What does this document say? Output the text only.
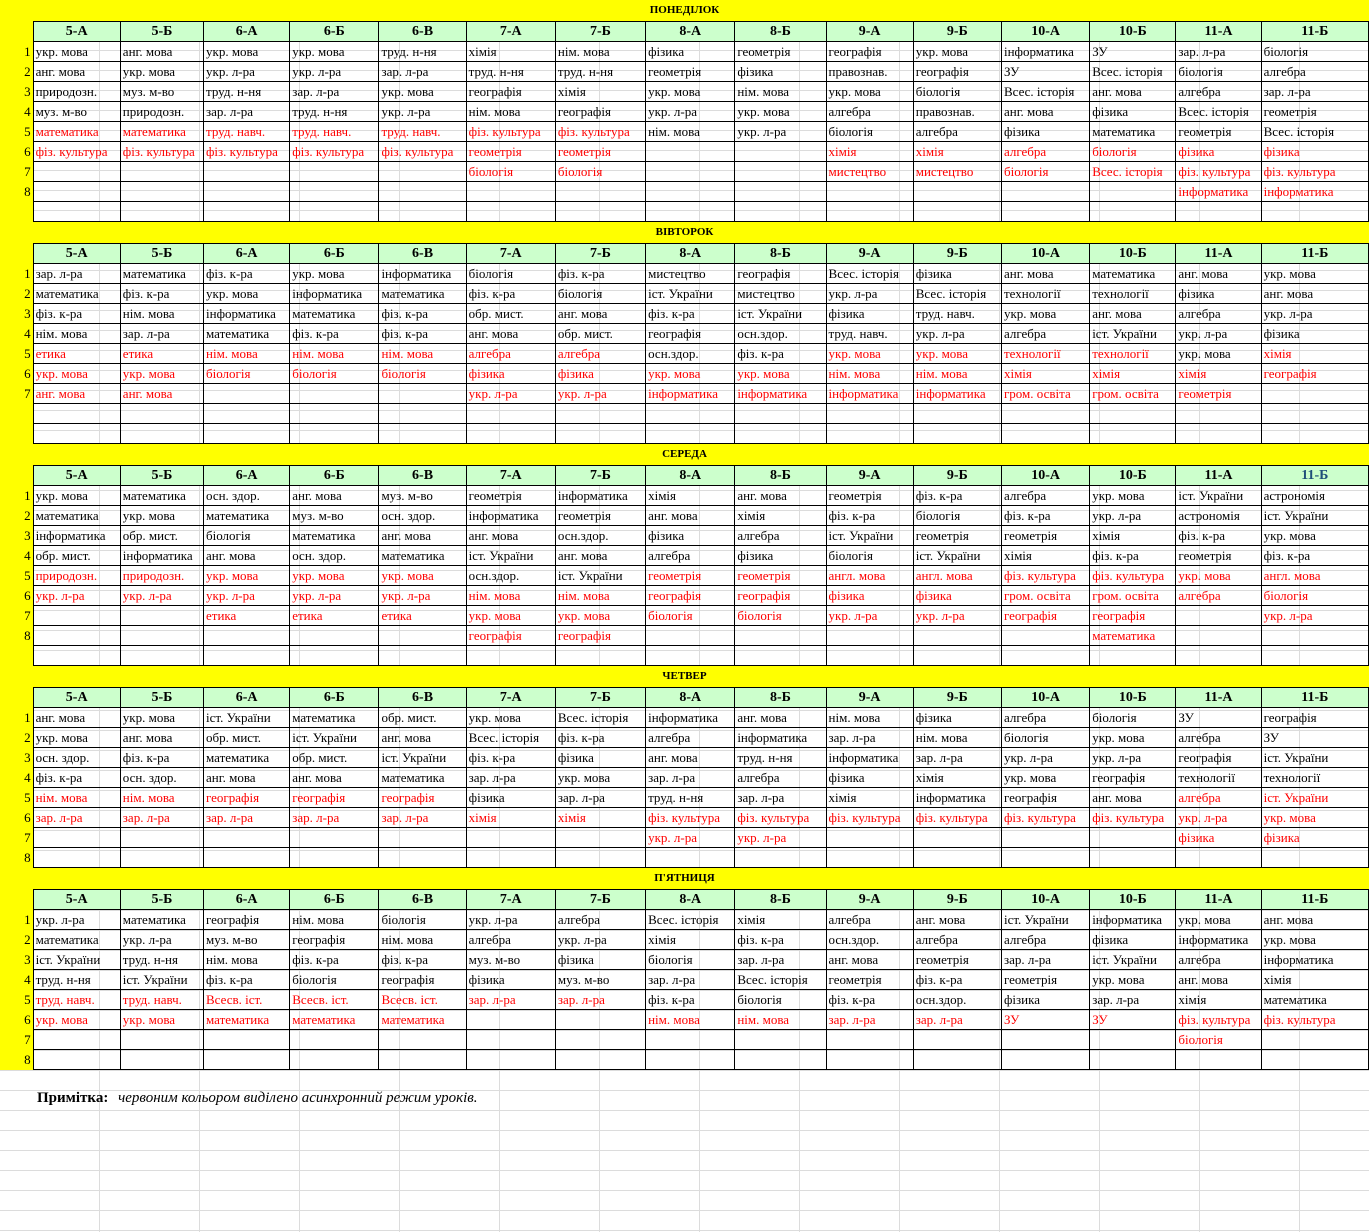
ПОНЕДІЛОК
	5-А	5-Б	6-А	6-Б	6-В	7-А	7-Б	8-А	8-Б	9-А	9-Б	10-А	10-Б	11-А	11-Б
1	укр. мова	анг. мова	укр. мова	укр. мова	труд. н-ня	хімія	нім. мова	фізика	геометрія	географія	укр. мова	інформатика	ЗУ	зар. л-ра	біологія
2	анг. мова	укр. мова	укр. л-ра	укр. л-ра	зар. л-ра	труд. н-ня	труд. н-ня	геометрія	фізика	правознав.	географія	ЗУ	Всес. історія	біологія	алгебра
3	природозн.	муз. м-во	труд. н-ня	зар. л-ра	укр. мова	географія	хімія	укр. мова	нім. мова	укр. мова	біологія	Всес. історія	анг. мова	алгебра	зар. л-ра
4	муз. м-во	природозн.	зар. л-ра	труд. н-ня	укр. л-ра	нім. мова	географія	укр. л-ра	укр. мова	алгебра	правознав.	анг. мова	фізика	Всес. історія	геометрія
5	математика	математика	труд. навч.	труд. навч.	труд. навч.	фіз. культура	фіз. культура	нім. мова	укр. л-ра	біологія	алгебра	фізика	математика	геометрія	Всес. історія
6	фіз. культура	фіз. культура	фіз. культура	фіз. культура	фіз. культура	геометрія	геометрія			хімія	хімія	алгебра	біологія	фізика	фізика
7						біологія	біологія			мистецтво	мистецтво	біологія	Всес. історія	фіз. культура	фіз. культура
8														інформатика	інформатика

ВІВТОРОК
	5-А	5-Б	6-А	6-Б	6-В	7-А	7-Б	8-А	8-Б	9-А	9-Б	10-А	10-Б	11-А	11-Б
1	зар. л-ра	математика	фіз. к-ра	укр. мова	інформатика	біологія	фіз. к-ра	мистецтво	географія	Всес. історія	фізика	анг. мова	математика	анг. мова	укр. мова
2	математика	фіз. к-ра	укр. мова	інформатика	математика	фіз. к-ра	біологія	іст. України	мистецтво	укр. л-ра	Всес. історія	технології	технології	фізика	анг. мова
3	фіз. к-ра	нім. мова	інформатика	математика	фіз. к-ра	обр. мист.	анг. мова	фіз. к-ра	іст. України	фізика	труд. навч.	укр. мова	анг. мова	алгебра	укр. л-ра
4	нім. мова	зар. л-ра	математика	фіз. к-ра	фіз. к-ра	анг. мова	обр. мист.	географія	осн.здор.	труд. навч.	укр. л-ра	алгебра	іст. України	укр. л-ра	фізика
5	етика	етика	нім. мова	нім. мова	нім. мова	алгебра	алгебра	осн.здор.	фіз. к-ра	укр. мова	укр. мова	технології	технології	укр. мова	хімія
6	укр. мова	укр. мова	біологія	біологія	біологія	фізика	фізика	укр. мова	укр. мова	нім. мова	нім. мова	хімія	хімія	хімія	географія
7	анг. мова	анг. мова				укр. л-ра	укр. л-ра	інформатика	інформатика	інформатика	інформатика	гром. освіта	гром. освіта	геометрія	

СЕРЕДА
	5-А	5-Б	6-А	6-Б	6-В	7-А	7-Б	8-А	8-Б	9-А	9-Б	10-А	10-Б	11-А	11-Б
1	укр. мова	математика	осн. здор.	анг. мова	муз. м-во	геометрія	інформатика	хімія	анг. мова	геометрія	фіз. к-ра	алгебра	укр. мова	іст. України	астрономія
2	математика	укр. мова	математика	муз. м-во	осн. здор.	інформатика	геометрія	анг. мова	хімія	фіз. к-ра	біологія	фіз. к-ра	укр. л-ра	астрономія	іст. України
3	інформатика	обр. мист.	біологія	математика	анг. мова	анг. мова	осн.здор.	фізика	алгебра	іст. України	геометрія	геометрія	хімія	фіз. к-ра	укр. мова
4	обр. мист.	інформатика	анг. мова	осн. здор.	математика	іст. України	анг. мова	алгебра	фізика	біологія	іст. України	хімія	фіз. к-ра	геометрія	фіз. к-ра
5	природозн.	природозн.	укр. мова	укр. мова	укр. мова	осн.здор.	іст. України	геометрія	геометрія	англ. мова	англ. мова	фіз. культура	фіз. культура	укр. мова	англ. мова
6	укр. л-ра	укр. л-ра	укр. л-ра	укр. л-ра	укр. л-ра	нім. мова	нім. мова	географія	географія	фізика	фізика	гром. освіта	гром. освіта	алгебра	біологія
7			етика	етика	етика	укр. мова	укр. мова	біологія	біологія	укр. л-ра	укр. л-ра	географія	географія		укр. л-ра
8						географія	географія						математика		

ЧЕТВЕР
	5-А	5-Б	6-А	6-Б	6-В	7-А	7-Б	8-А	8-Б	9-А	9-Б	10-А	10-Б	11-А	11-Б
1	анг. мова	укр. мова	іст. України	математика	обр. мист.	укр. мова	Всес. історія	інформатика	анг. мова	нім. мова	фізика	алгебра	біологія	ЗУ	географія
2	укр. мова	анг. мова	обр. мист.	іст. України	анг. мова	Всес. історія	фіз. к-ра	алгебра	інформатика	зар. л-ра	нім. мова	біологія	укр. мова	алгебра	ЗУ
3	осн. здор.	фіз. к-ра	математика	обр. мист.	іст. України	фіз. к-ра	фізика	анг. мова	труд. н-ня	інформатика	зар. л-ра	укр. л-ра	укр. л-ра	географія	іст. України
4	фіз. к-ра	осн. здор.	анг. мова	анг. мова	математика	зар. л-ра	укр. мова	зар. л-ра	алгебра	фізика	хімія	укр. мова	географія	технології	технології
5	нім. мова	нім. мова	географія	географія	географія	фізика	зар. л-ра	труд. н-ня	зар. л-ра	хімія	інформатика	географія	анг. мова	алгебра	іст. України
6	зар. л-ра	зар. л-ра	зар. л-ра	зар. л-ра	зар. л-ра	хімія	хімія	фіз. культура	фіз. культура	фіз. культура	фіз. культура	фіз. культура	фіз. культура	укр. л-ра	укр. мова
7								укр. л-ра	укр. л-ра					фізика	фізика
8															
П'ЯТНИЦЯ
	5-А	5-Б	6-А	6-Б	6-В	7-А	7-Б	8-А	8-Б	9-А	9-Б	10-А	10-Б	11-А	11-Б
1	укр. л-ра	математика	географія	нім. мова	біологія	укр. л-ра	алгебра	Всес. історія	хімія	алгебра	анг. мова	іст. України	інформатика	укр. мова	анг. мова
2	математика	укр. л-ра	муз. м-во	географія	нім. мова	алгебра	укр. л-ра	хімія	фіз. к-ра	осн.здор.	алгебра	алгебра	фізика	інформатика	укр. мова
3	іст. України	труд. н-ня	нім. мова	фіз. к-ра	фіз. к-ра	муз. м-во	фізика	біологія	зар. л-ра	анг. мова	геометрія	зар. л-ра	іст. України	алгебра	інформатика
4	труд. н-ня	іст. України	фіз. к-ра	біологія	географія	фізика	муз. м-во	зар. л-ра	Всес. історія	геометрія	фіз. к-ра	геометрія	укр. мова	анг. мова	хімія
5	труд. навч.	труд. навч.	Всесв. іст.	Всесв. іст.	Всесв. іст.	зар. л-ра	зар. л-ра	фіз. к-ра	біологія	фіз. к-ра	осн.здор.	фізика	зар. л-ра	хімія	математика
6	укр. мова	укр. мова	математика	математика	математика			нім. мова	нім. мова	зар. л-ра	зар. л-ра	ЗУ	ЗУ	фіз. культура	фіз. культура
7														біологія	
8															
Примітка: червоним кольором виділено асинхронний режим уроків.
